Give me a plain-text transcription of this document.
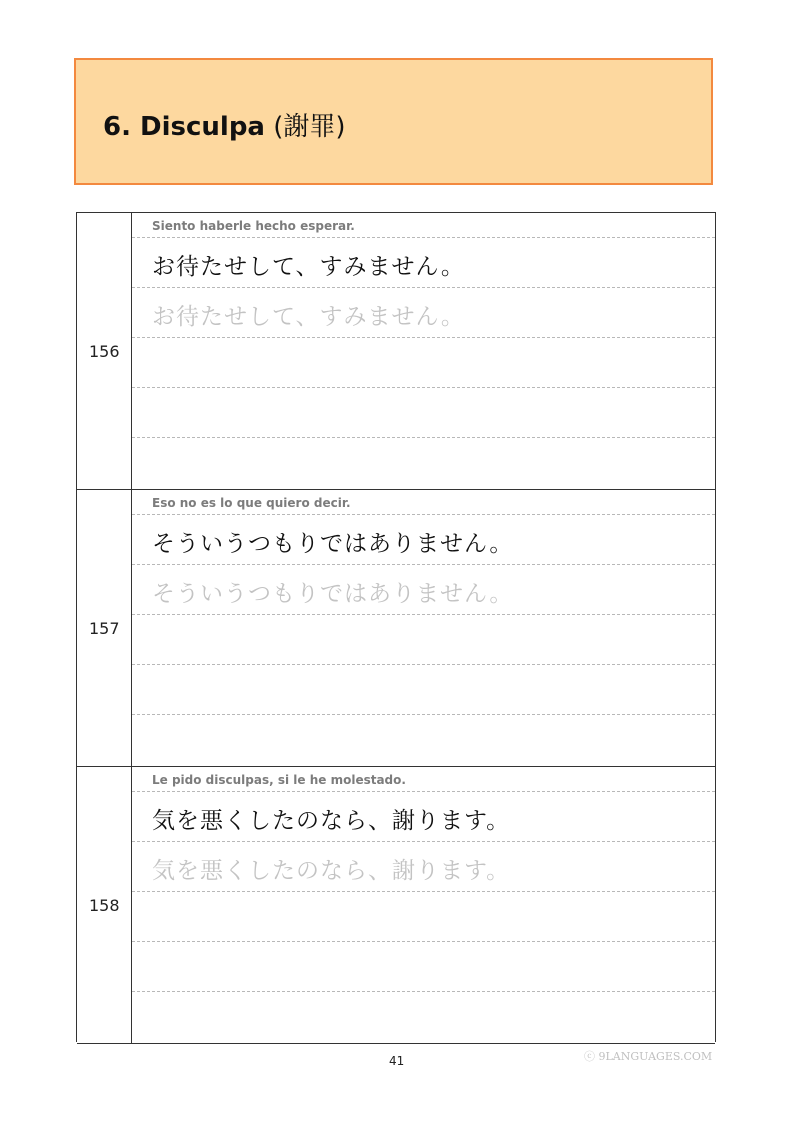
6. Disculpa (謝罪)
156
Siento haberle hecho esperar.
お待たせして、すみません。
お待たせして、すみません。
157
Eso no es lo que quiero decir.
そういうつもりではありません。
そういうつもりではありません。
158
Le pido disculpas, si le he molestado.
気を悪くしたのなら、謝ります。
気を悪くしたのなら、謝ります。
41	ⓒ 9LANGUAGES.COM
